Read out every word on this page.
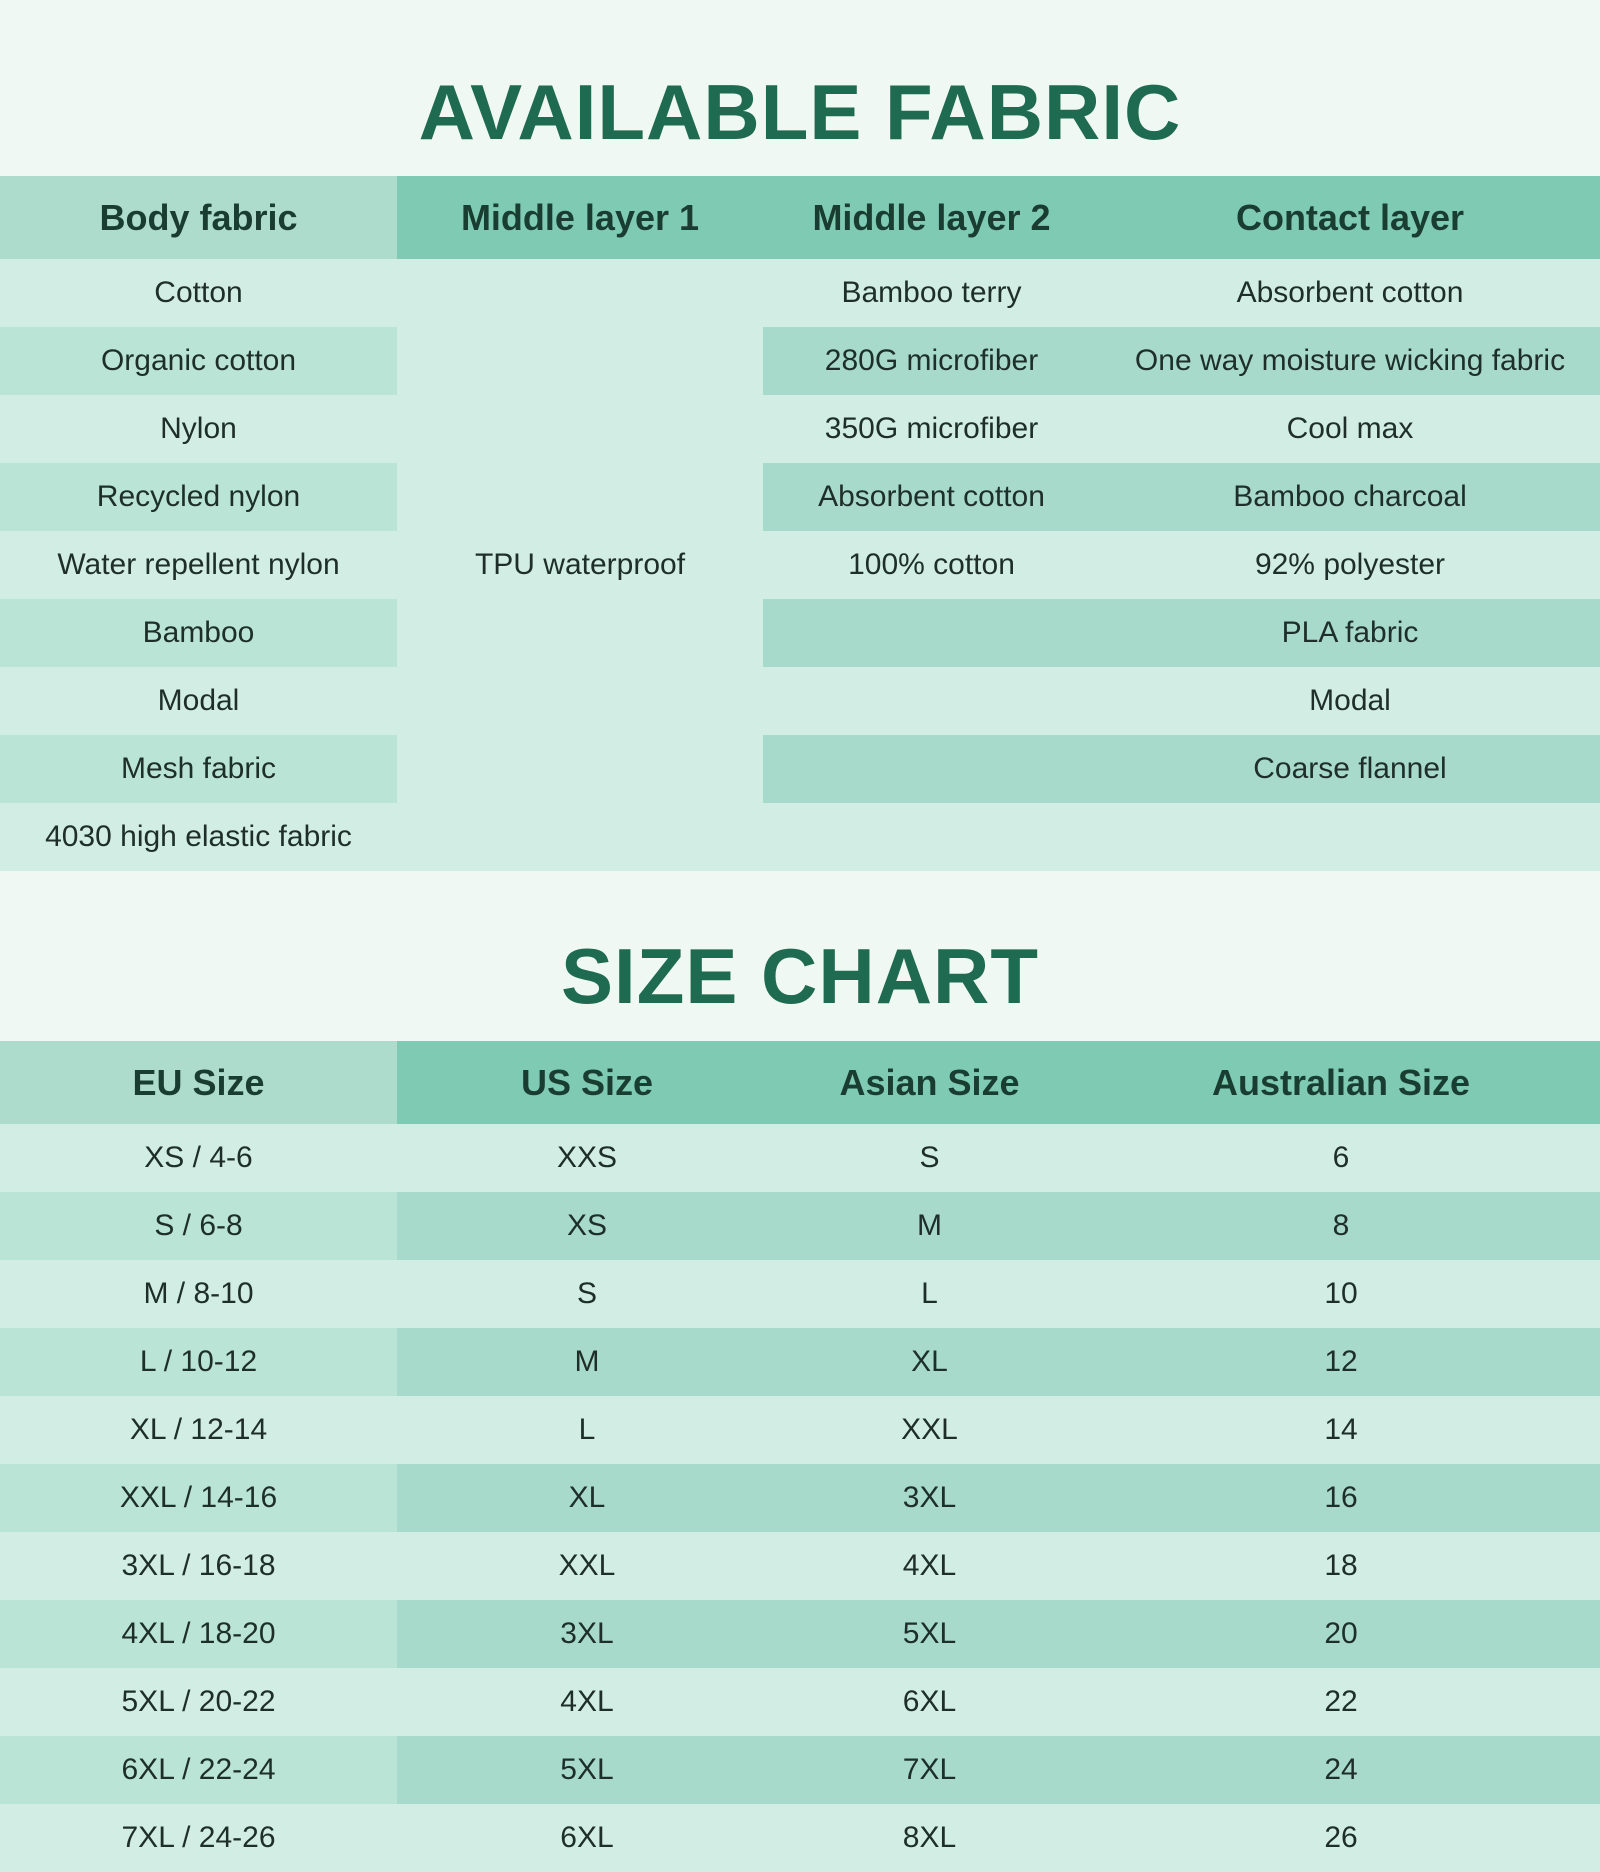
AVAILABLE FABRIC
Body fabric	Middle layer 1	Middle layer 2	Contact layer
Cotton	TPU waterproof	Bamboo terry	Absorbent cotton
Organic cotton		280G microfiber	One way moisture wicking fabric
Nylon		350G microfiber	Cool max
Recycled nylon		Absorbent cotton	Bamboo charcoal
Water repellent nylon		100% cotton	92% polyester
Bamboo			PLA fabric
Modal			Modal
Mesh fabric			Coarse flannel
4030 high elastic fabric			
SIZE CHART
EU Size	US Size	Asian Size	Australian Size
XS / 4-6	XXS	S	6
S / 6-8	XS	M	8
M / 8-10	S	L	10
L / 10-12	M	XL	12
XL / 12-14	L	XXL	14
XXL / 14-16	XL	3XL	16
3XL / 16-18	XXL	4XL	18
4XL / 18-20	3XL	5XL	20
5XL / 20-22	4XL	6XL	22
6XL / 22-24	5XL	7XL	24
7XL / 24-26	6XL	8XL	26
